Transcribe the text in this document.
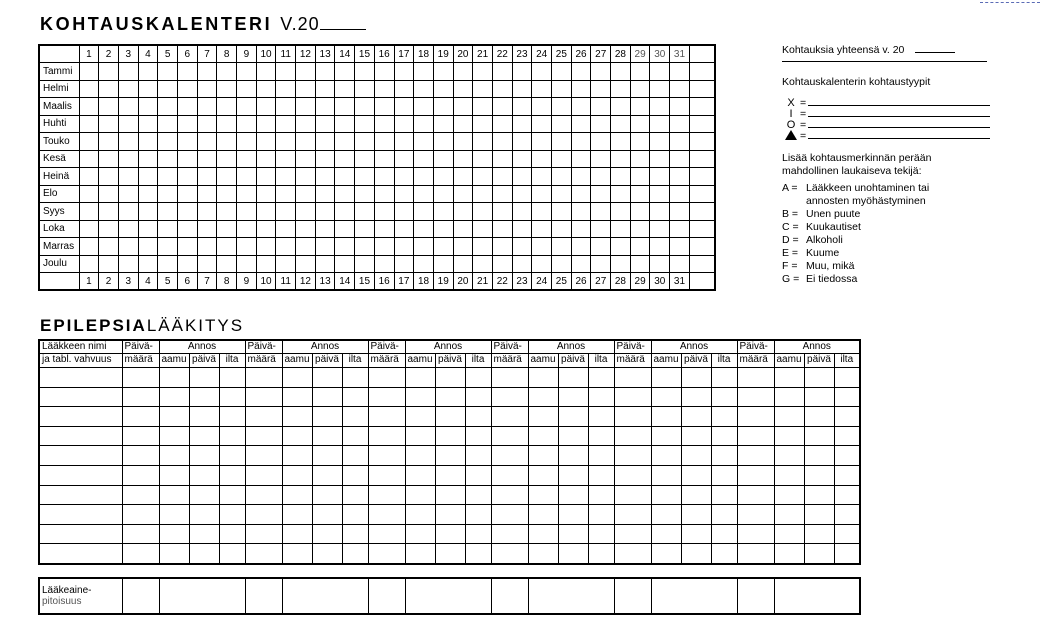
KOHTAUSKALENTERI V.20
	1	2	3	4	5	6	7	8	9	10	11	12	13	14	15	16	17	18	19	20	21	22	23	24	25	26	27	28	29	30	31	
Tammi																																
Helmi																																
Maalis																																
Huhti																																
Touko																																
Kesä																																
Heinä																																
Elo																																
Syys																																
Loka																																
Marras																																
Joulu																																
	1	2	3	4	5	6	7	8	9	10	11	12	13	14	15	16	17	18	19	20	21	22	23	24	25	26	27	28	29	30	31	
Kohtauksia yhteensä v. 20
Kohtauskalenterin kohtaustyypit
X =
I =
O =
=
Lisää kohtausmerkinnän perään
mahdollinen laukaiseva tekijä:
A = Lääkkeen unohtaminen tai
annosten myöhästyminen
B = Unen puute
C = Kuukautiset
D = Alkoholi
E = Kuume
F = Muu, mikä
G = Ei tiedossa
EPILEPSIALÄÄKITYS
Lääkkeen nimi	Päivä-	Annos			Päivä-	Annos			Päivä-	Annos			Päivä-	Annos			Päivä-	Annos			Päivä-	Annos		
ja tabl. vahvuus	määrä	aamu	päivä	ilta	määrä	aamu	päivä	ilta	määrä	aamu	päivä	ilta	määrä	aamu	päivä	ilta	määrä	aamu	päivä	ilta	määrä	aamu	päivä	ilta

Lääkeaine-
pitoisuus
